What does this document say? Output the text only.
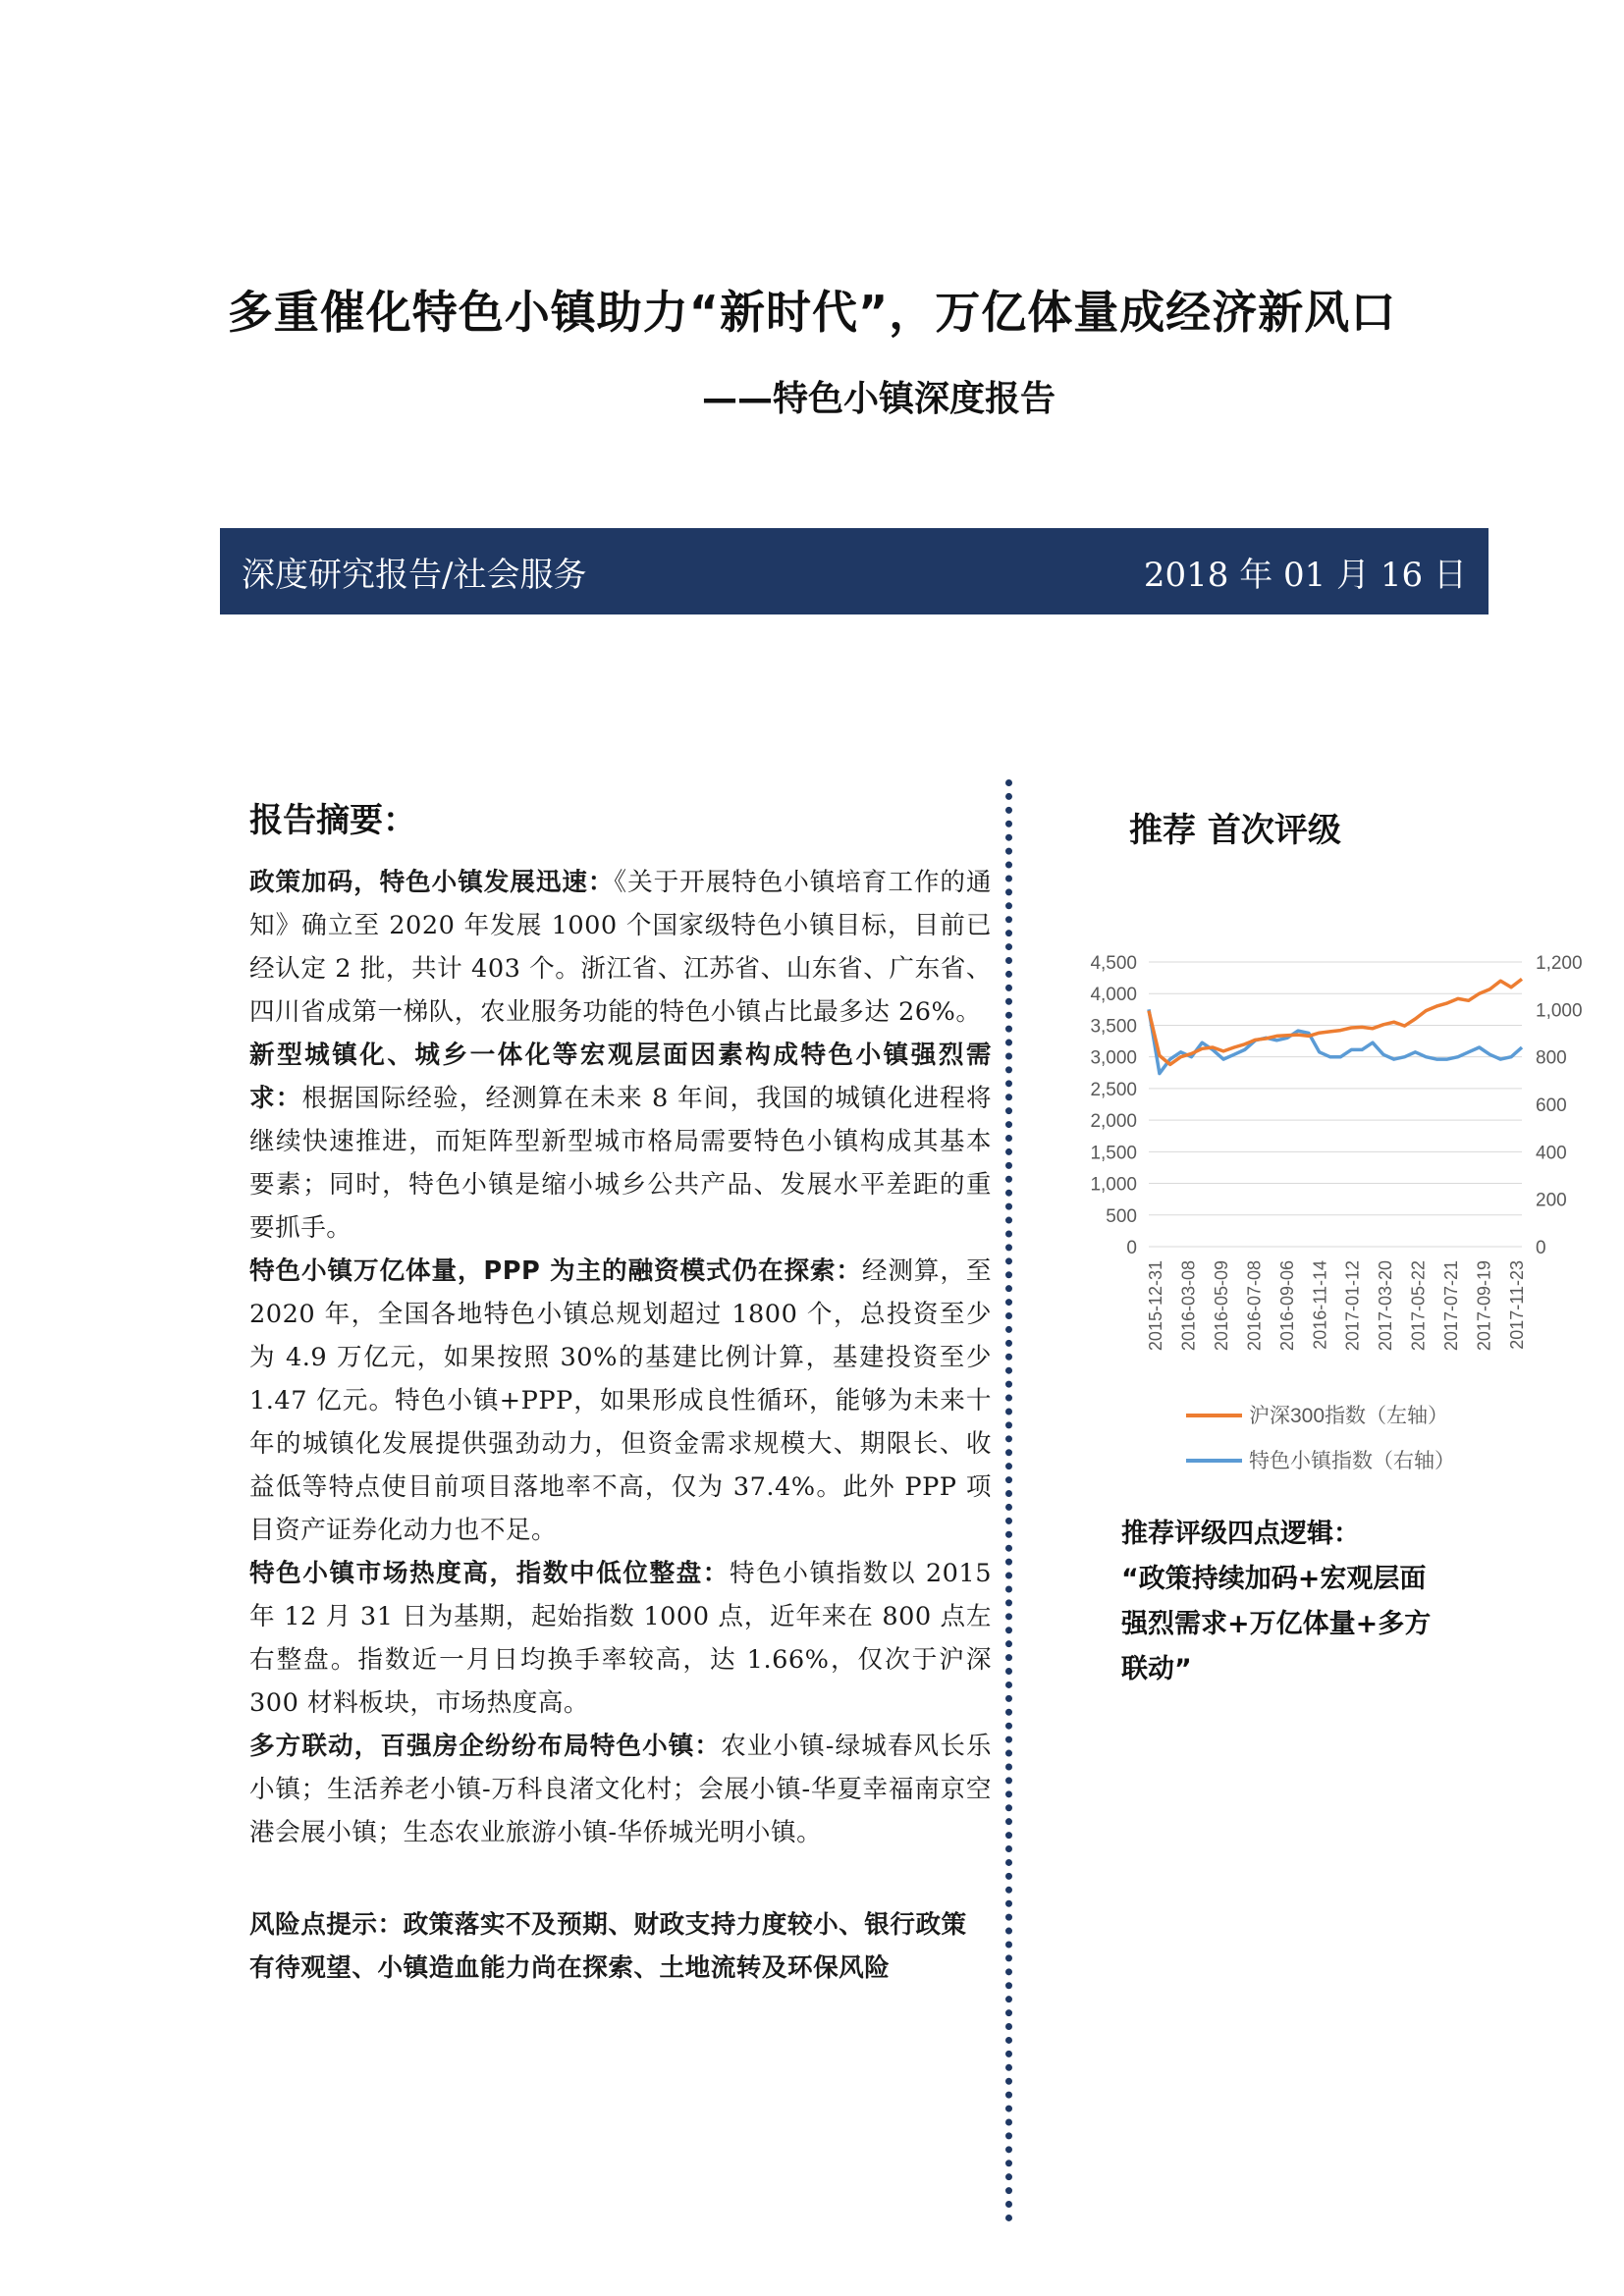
多重催化特色小镇助力“新时代”，万亿体量成经济新风口
——特色小镇深度报告
深度研究报告/社会服务	2018 年 01 月 16 日
报告摘要：

政策加码，特色小镇发展迅速：《关于开展特色小镇培育工作的通知》确立至 2020 年发展 1000 个国家级特色小镇目标，目前已经认定 2 批，共计 403 个。浙江省、江苏省、山东省、广东省、四川省成第一梯队，农业服务功能的特色小镇占比最多达 26%。

新型城镇化、城乡一体化等宏观层面因素构成特色小镇强烈需求：根据国际经验，经测算在未来 8 年间，我国的城镇化进程将继续快速推进，而矩阵型新型城市格局需要特色小镇构成其基本要素；同时，特色小镇是缩小城乡公共产品、发展水平差距的重要抓手。

特色小镇万亿体量，PPP 为主的融资模式仍在探索：经测算，至 2020 年，全国各地特色小镇总规划超过 1800 个，总投资至少为 4.9 万亿元，如果按照 30%的基建比例计算，基建投资至少 1.47 亿元。特色小镇+PPP，如果形成良性循环，能够为未来十年的城镇化发展提供强劲动力，但资金需求规模大、期限长、收益低等特点使目前项目落地率不高，仅为 37.4%。此外 PPP 项目资产证券化动力也不足。

特色小镇市场热度高，指数中低位整盘：特色小镇指数以 2015 年 12 月 31 日为基期，起始指数 1000 点，近年来在 800 点左右整盘。指数近一月日均换手率较高，达 1.66%，仅次于沪深 300 材料板块，市场热度高。

多方联动，百强房企纷纷布局特色小镇：农业小镇-绿城春风长乐小镇；生活养老小镇-万科良渚文化村；会展小镇-华夏幸福南京空港会展小镇；生态农业旅游小镇-华侨城光明小镇。

风险点提示：政策落实不及预期、财政支持力度较小、银行政策有待观望、小镇造血能力尚在探索、土地流转及环保风险
推荐 首次评级
0
500
1,000
1,500
2,000
2,500
3,000
3,500
4,000
4,500
0
200
400
600
800
1,000
1,200
2015-12-31 2016-03-08 2016-05-09 2016-07-08 2016-09-06 2016-11-14 2017-01-12 2017-03-20 2017-05-22 2017-07-21 2017-09-19 2017-11-23
沪深300指数（左轴）
特色小镇指数（右轴）
推荐评级四点逻辑：
“政策持续加码+宏观层面强烈需求+万亿体量+多方联动”
